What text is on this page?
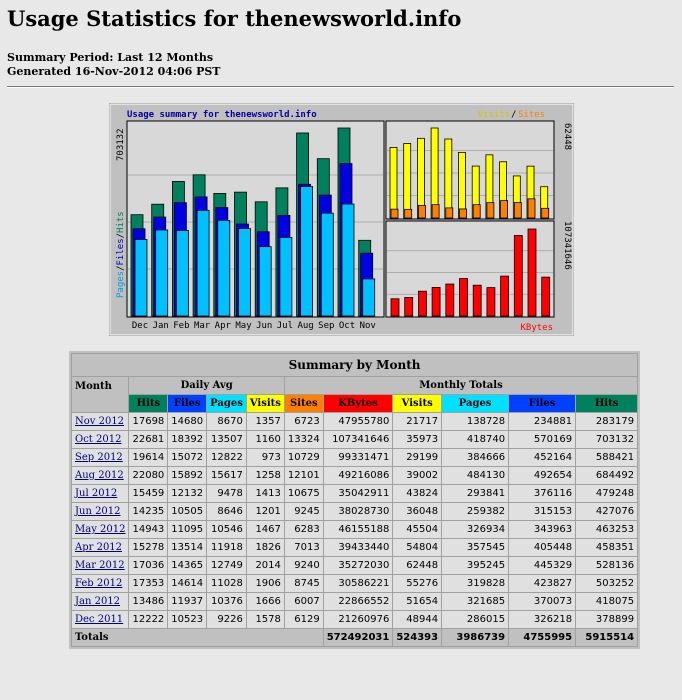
Usage Statistics for thenewsworld.info
Summary Period: Last 12 Months
Generated 16-Nov-2012 04:06 PST
Usage summary for thenewsworld.info	Visits / Sites
KBytes
Pages/Files/Hits
703132	62448
107341646
Dec Jan Feb Mar Apr May Jun Jul Aug Sep Oct Nov
Summary by Month										
Month	Daily Avg				Monthly Totals					
	Hits	Files	Pages	Visits	Sites	KBytes	Visits	Pages	Files	Hits
Nov 2012	17698	14680	8670	1357	6723	47955780	21717	138728	234881	283179
Oct 2012	22681	18392	13507	1160	13324	107341646	35973	418740	570169	703132
Sep 2012	19614	15072	12822	973	10729	99331471	29199	384666	452164	588421
Aug 2012	22080	15892	15617	1258	12101	49216086	39002	484130	492654	684492
Jul 2012	15459	12132	9478	1413	10675	35042911	43824	293841	376116	479248
Jun 2012	14235	10505	8646	1201	9245	38028730	36048	259382	315153	427076
May 2012	14943	11095	10546	1467	6283	46155188	45504	326934	343963	463253
Apr 2012	15278	13514	11918	1826	7013	39433440	54804	357545	405448	458351
Mar 2012	17036	14365	12749	2014	9240	35272030	62448	395245	445329	528136
Feb 2012	17353	14614	11028	1906	8745	30586221	55276	319828	423827	503252
Jan 2012	13486	11937	10376	1666	6007	22866552	51654	321685	370073	418075
Dec 2011	12222	10523	9226	1578	6129	21260976	48944	286015	326218	378899
Totals						572492031	524393	3986739	4755995	5915514
